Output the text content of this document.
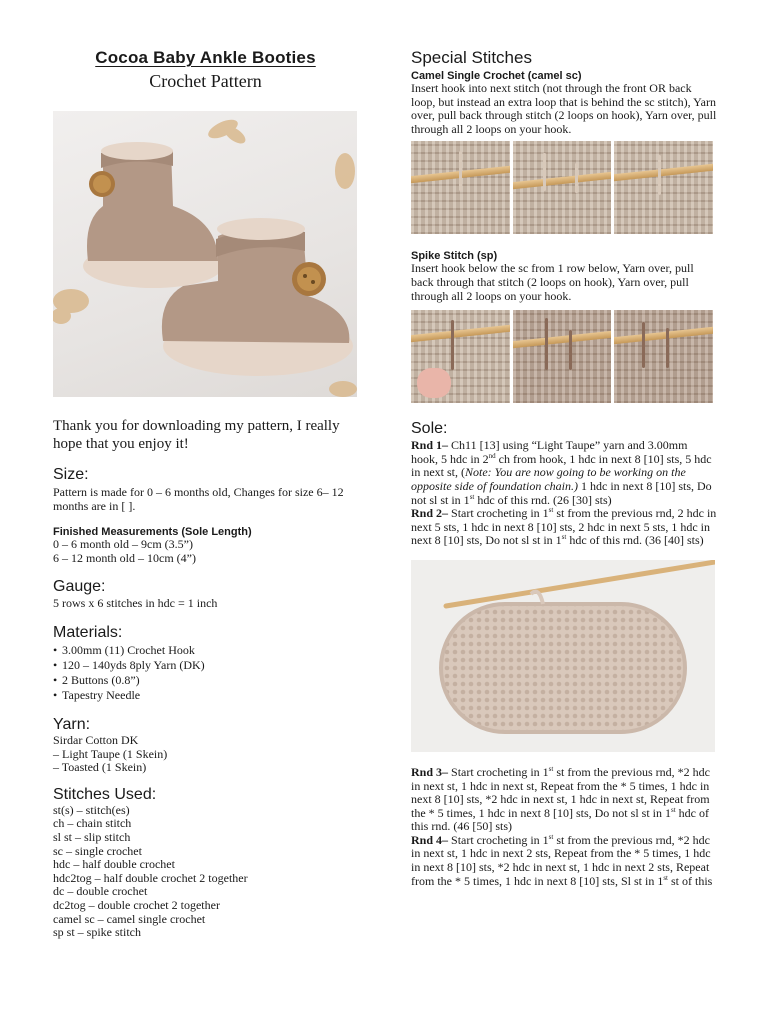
Cocoa Baby Ankle Booties
Crochet Pattern
Thank you for downloading my pattern, I really hope that you enjoy it!
Size:
Pattern is made for 0 – 6 months old, Changes for size 6– 12 months are in [ ].
Finished Measurements (Sole Length)
0 – 6 month old – 9cm (3.5”)
6 – 12 month old – 10cm (4”)
Gauge:
5 rows x 6 stitches in hdc = 1 inch
Materials:
• 3.00mm (11) Crochet Hook
• 120 – 140yds 8ply Yarn (DK)
• 2 Buttons (0.8”)
• Tapestry Needle
Yarn:
Sirdar Cotton DK
– Light Taupe (1 Skein)
– Toasted (1 Skein)
Stitches Used:
st(s) – stitch(es)
ch – chain stitch
sl st – slip stitch
sc – single crochet
hdc – half double crochet
hdc2tog – half double crochet 2 together
dc – double crochet
dc2tog – double crochet 2 together
camel sc – camel single crochet
sp st – spike stitch
Special Stitches
Camel Single Crochet (camel sc)
Insert hook into next stitch (not through the front OR back loop, but instead an extra loop that is behind the sc stitch), Yarn over, pull back through stitch (2 loops on hook), Yarn over, pull through all 2 loops on your hook.
Spike Stitch (sp)
Insert hook below the sc from 1 row below, Yarn over, pull back through that stitch (2 loops on hook), Yarn over, pull through all 2 loops on your hook.
Sole:
Rnd 1– Ch11 [13] using “Light Taupe” yarn and 3.00mm hook, 5 hdc in 2nd ch from hook, 1 hdc in next 8 [10] sts, 5 hdc in next st, (Note: You are now going to be working on the opposite side of foundation chain.) 1 hdc in next 8 [10] sts, Do not sl st in 1st hdc of this rnd. (26 [30] sts)
Rnd 2– Start crocheting in 1st st from the previous rnd, 2 hdc in next 5 sts, 1 hdc in next 8 [10] sts, 2 hdc in next 5 sts, 1 hdc in next 8 [10] sts, Do not sl st in 1st hdc of this rnd. (36 [40] sts)
Rnd 3– Start crocheting in 1st st from the previous rnd, *2 hdc in next st, 1 hdc in next st, Repeat from the * 5 times, 1 hdc in next 8 [10] sts, *2 hdc in next st, 1 hdc in next st, Repeat from the * 5 times, 1 hdc in next 8 [10] sts, Do not sl st in 1st hdc of this rnd. (46 [50] sts)
Rnd 4– Start crocheting in 1st st from the previous rnd, *2 hdc in next st, 1 hdc in next 2 sts, Repeat from the * 5 times, 1 hdc in next 8 [10] sts, *2 hdc in next st, 1 hdc in next 2 sts, Repeat from the * 5 times, 1 hdc in next 8 [10] sts, Sl st in 1st st of this
